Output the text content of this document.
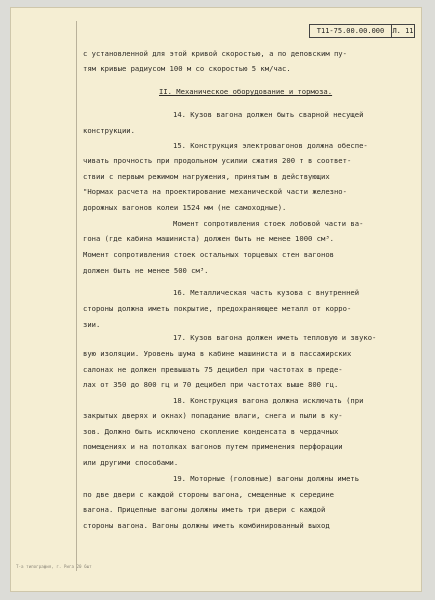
Т11-75.00.00.000	Л. 11

с установленной для этой кривой скоростью, а по деповским пу-

тям кривые радиусом 100 м со скоростью 5 км/час.

II. Механическое оборудование и тормоза.

14. Кузов вагона должен быть сварной несущей

конструкции.

15. Конструкция электровагонов должна обеспе-

чивать прочность при продольном усилии сжатия 200 т в соответ-

ствии с первым режимом нагружения, принятым в действующих

"Нормах расчета на проектирование механической части железно-

дорожных вагонов колеи 1524 мм (не самоходные).

Момент сопротивления стоек лобовой части ва-

гона (где кабина машиниста) должен быть не менее 1000 см³.

Момент сопротивления стоек остальных торцевых стен вагонов

должен быть не менее 500 см³.

16. Металлическая часть кузова с внутренней

стороны должна иметь покрытие, предохраняющее металл от корро-

зии.

17. Кузов вагона должен иметь тепловую и звуко-

вую изоляции. Уровень шума в кабине машиниста и в пассажирских

салонах не должен превышать 75 децибел при частотах в преде-

лах от 350 до 800 гц и 70 децибел при частотах выше 800 гц.

18. Конструкция вагона должна исключать (при

закрытых дверях и окнах) попадание влаги, снега и пыли в ку-

зов. Должно быть исключено скопление конденсата в чердачных

помещениях и на потолках вагонов путем применения перфорации

или другими способами.

19. Моторные (головные) вагоны должны иметь

по две двери с каждой стороны вагона, смещенные к середине

вагона. Прицепные вагоны должны иметь три двери с каждой

стороны вагона. Вагоны должны иметь комбинированный выход

Т-а типография, г. Рига 20 6шт
